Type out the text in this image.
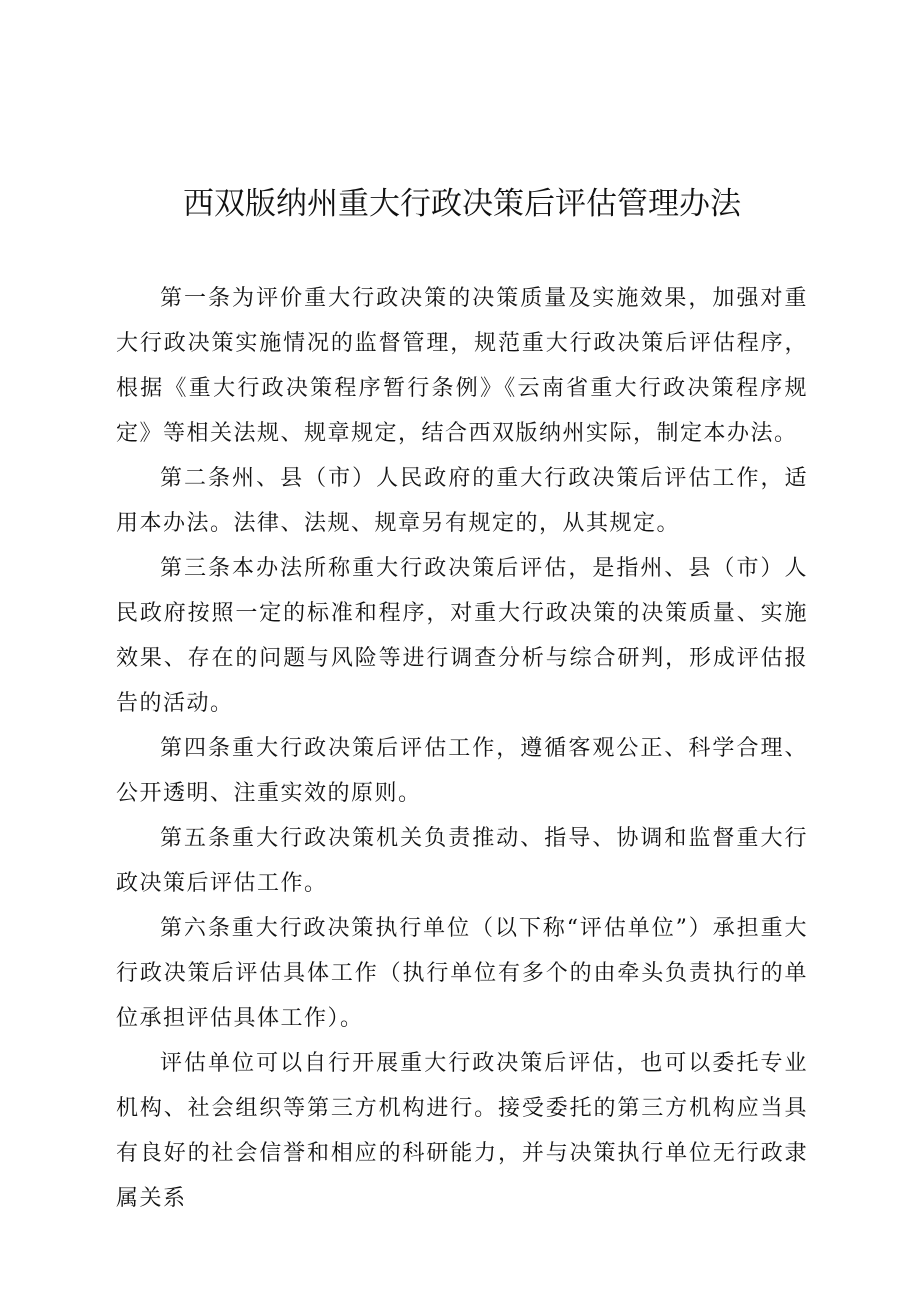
西双版纳州重大行政决策后评估管理办法

第一条为评价重大行政决策的决策质量及实施效果，加强对重大行政决策实施情况的监督管理，规范重大行政决策后评估程序，根据《重大行政决策程序暂行条例》《云南省重大行政决策程序规定》等相关法规、规章规定，结合西双版纳州实际，制定本办法。

第二条州、县（市）人民政府的重大行政决策后评估工作，适用本办法。法律、法规、规章另有规定的，从其规定。

第三条本办法所称重大行政决策后评估，是指州、县（市）人民政府按照一定的标准和程序，对重大行政决策的决策质量、实施效果、存在的问题与风险等进行调查分析与综合研判，形成评估报告的活动。

第四条重大行政决策后评估工作，遵循客观公正、科学合理、公开透明、注重实效的原则。

第五条重大行政决策机关负责推动、指导、协调和监督重大行政决策后评估工作。

第六条重大行政决策执行单位（以下称“评估单位”）承担重大行政决策后评估具体工作（执行单位有多个的由牵头负责执行的单位承担评估具体工作）。

评估单位可以自行开展重大行政决策后评估，也可以委托专业机构、社会组织等第三方机构进行。接受委托的第三方机构应当具有良好的社会信誉和相应的科研能力，并与决策执行单位无行政隶属关系
